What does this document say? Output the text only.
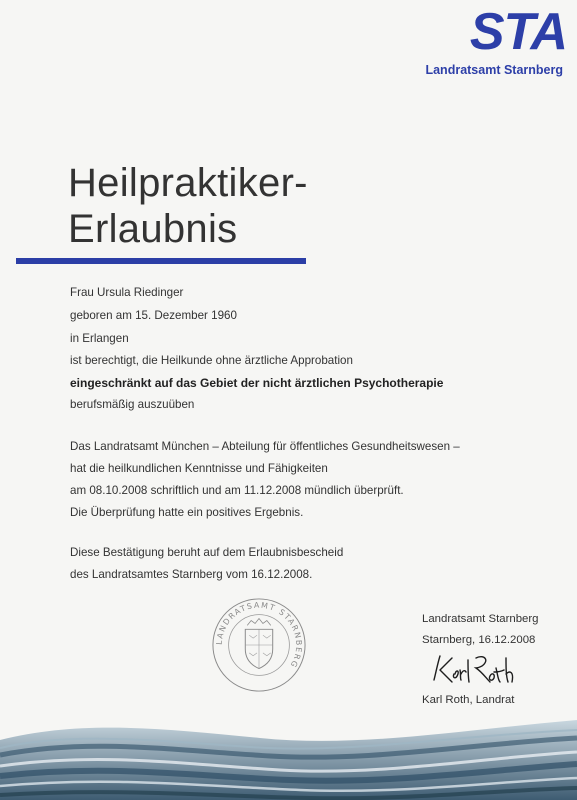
STA
Landratsamt Starnberg
Heilpraktiker-
Erlaubnis
Frau Ursula Riedinger
geboren am 15. Dezember 1960
in Erlangen
ist berechtigt, die Heilkunde ohne ärztliche Approbation
eingeschränkt auf das Gebiet der nicht ärztlichen Psychotherapie
berufsmäßig auszuüben
Das Landratsamt München – Abteilung für öffentliches Gesundheitswesen –
hat die heilkundlichen Kenntnisse und Fähigkeiten
am 08.10.2008 schriftlich und am 11.12.2008 mündlich überprüft.
Die Überprüfung hatte ein positives Ergebnis.
Diese Bestätigung beruht auf dem Erlaubnisbescheid
des Landratsamtes Starnberg vom 16.12.2008.
LANDRATSAMT STARNBERG
Landratsamt Starnberg
Starnberg, 16.12.2008
Karl Roth, Landrat
